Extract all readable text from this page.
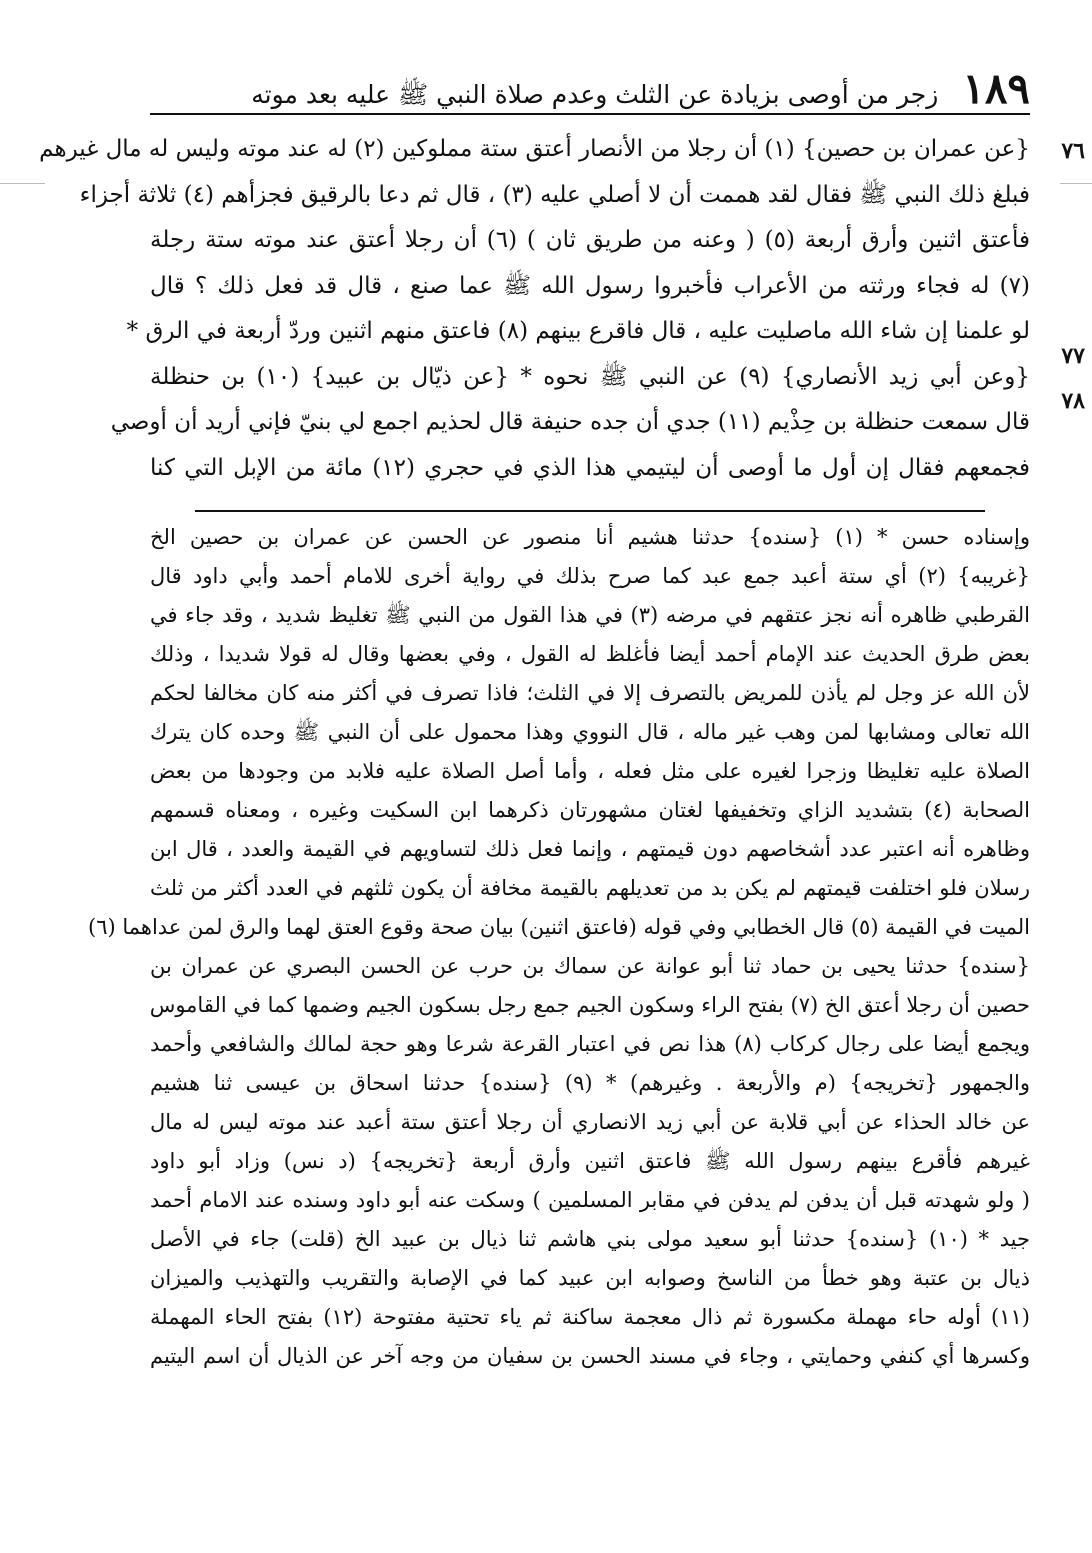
١٨٩
زجر من أوصى بزيادة عن الثلث وعدم صلاة النبي ﷺ عليه بعد موته
٧٦
٧٧
٧٨
{عن عمران بن حصين} (١) أن رجلا من الأنصار أعتق ستة مملوكين (٢) له عند موته وليس له مال غيرهم
فبلغ ذلك النبي ﷺ فقال لقد هممت أن لا أصلي عليه (٣) ، قال ثم دعا بالرقيق فجزأهم (٤) ثلاثة أجزاء
فأعتق اثنين وأرق أربعة (٥) ( وعنه من طريق ثان ) (٦) أن رجلا أعتق عند موته ستة رجلة
(٧) له فجاء ورثته من الأعراب فأخبروا رسول الله ﷺ عما صنع ، قال قد فعل ذلك ؟ قال
لو علمنا إن شاء الله ماصليت عليه ، قال فاقرع بينهم (٨) فاعتق منهم اثنين وردّ أربعة في الرق *
{وعن أبي زيد الأنصاري} (٩) عن النبي ﷺ نحوه * {عن ذيّال بن عبيد} (١٠) بن حنظلة
قال سمعت حنظلة بن حِذْيم (١١) جدي أن جده حنيفة قال لحذيم اجمع لي بنيّ فإني أريد أن أوصي
فجمعهم فقال إن أول ما أوصى أن ليتيمي هذا الذي في حجري (١٢) مائة من الإبل التي كنا
وإسناده حسن * (١) {سنده} حدثنا هشيم أنا منصور عن الحسن عن عمران بن حصين الخ
{غريبه} (٢) أي ستة أعبد جمع عبد كما صرح بذلك في رواية أخرى للامام أحمد وأبي داود قال
القرطبي ظاهره أنه نجز عتقهم في مرضه (٣) في هذا القول من النبي ﷺ تغليظ شديد ، وقد جاء في
بعض طرق الحديث عند الإمام أحمد أيضا فأغلظ له القول ، وفي بعضها وقال له قولا شديدا ، وذلك
لأن الله عز وجل لم يأذن للمريض بالتصرف إلا في الثلث؛ فاذا تصرف في أكثر منه كان مخالفا لحكم
الله تعالى ومشابها لمن وهب غير ماله ، قال النووي وهذا محمول على أن النبي ﷺ وحده كان يترك
الصلاة عليه تغليظا وزجرا لغيره على مثل فعله ، وأما أصل الصلاة عليه فلابد من وجودها من بعض
الصحابة (٤) بتشديد الزاي وتخفيفها لغتان مشهورتان ذكرهما ابن السكيت وغيره ، ومعناه قسمهم
وظاهره أنه اعتبر عدد أشخاصهم دون قيمتهم ، وإنما فعل ذلك لتساويهم في القيمة والعدد ، قال ابن
رسلان فلو اختلفت قيمتهم لم يكن بد من تعديلهم بالقيمة مخافة أن يكون ثلثهم في العدد أكثر من ثلث
الميت في القيمة (٥) قال الخطابي وفي قوله (فاعتق اثنين) بيان صحة وقوع العتق لهما والرق لمن عداهما (٦)
{سنده} حدثنا يحيى بن حماد ثنا أبو عوانة عن سماك بن حرب عن الحسن البصري عن عمران بن
حصين أن رجلا أعتق الخ (٧) بفتح الراء وسكون الجيم جمع رجل بسكون الجيم وضمها كما في القاموس
ويجمع أيضا على رجال كركاب (٨) هذا نص في اعتبار القرعة شرعا وهو حجة لمالك والشافعي وأحمد
والجمهور {تخريجه} (م والأربعة . وغيرهم) * (٩) {سنده} حدثنا اسحاق بن عيسى ثنا هشيم
عن خالد الحذاء عن أبي قلابة عن أبي زيد الانصاري أن رجلا أعتق ستة أعبد عند موته ليس له مال
غيرهم فأقرع بينهم رسول الله ﷺ فاعتق اثنين وأرق أربعة {تخريجه} (د نس) وزاد أبو داود
( ولو شهدته قبل أن يدفن لم يدفن في مقابر المسلمين ) وسكت عنه أبو داود وسنده عند الامام أحمد
جيد * (١٠) {سنده} حدثنا أبو سعيد مولى بني هاشم ثنا ذيال بن عبيد الخ (قلت) جاء في الأصل
ذيال بن عتبة وهو خطأ من الناسخ وصوابه ابن عبيد كما في الإصابة والتقريب والتهذيب والميزان
(١١) أوله حاء مهملة مكسورة ثم ذال معجمة ساكنة ثم ياء تحتية مفتوحة (١٢) بفتح الحاء المهملة
وكسرها أي كنفي وحمايتي ، وجاء في مسند الحسن بن سفيان من وجه آخر عن الذيال أن اسم اليتيم
